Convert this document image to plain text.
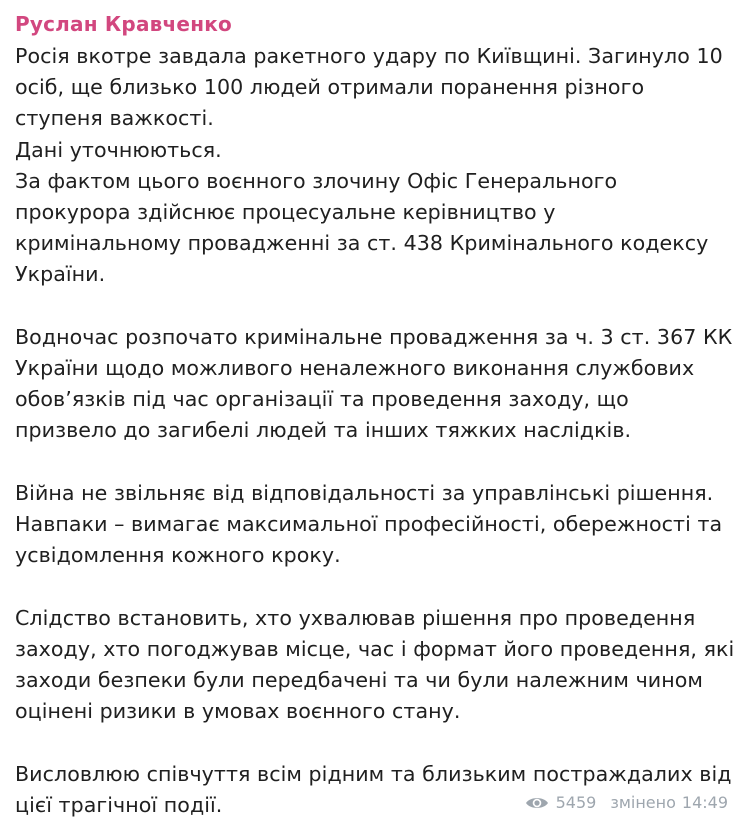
Руслан Кравченко
Росія вкотре завдала ракетного удару по Київщині. Загинуло 10
осіб, ще близько 100 людей отримали поранення різного
ступеня важкості.
Дані уточнюються.
За фактом цього воєнного злочину Офіс Генерального
прокурора здійснює процесуальне керівництво у
кримінальному провадженні за ст. 438 Кримінального кодексу
України.
Водночас розпочато кримінальне провадження за ч. 3 ст. 367 КК
України щодо можливого неналежного виконання службових
обов’язків під час організації та проведення заходу, що
призвело до загибелі людей та інших тяжких наслідків.
Війна не звільняє від відповідальності за управлінські рішення.
Навпаки – вимагає максимальної професійності, обережності та
усвідомлення кожного кроку.
Слідство встановить, хто ухвалював рішення про проведення
заходу, хто погоджував місце, час і формат його проведення, які
заходи безпеки були передбачені та чи були належним чином
оцінені ризики в умовах воєнного стану.
Висловлюю співчуття всім рідним та близьким постраждалих від
цієї трагічної події.	5459 змінено 14:49
